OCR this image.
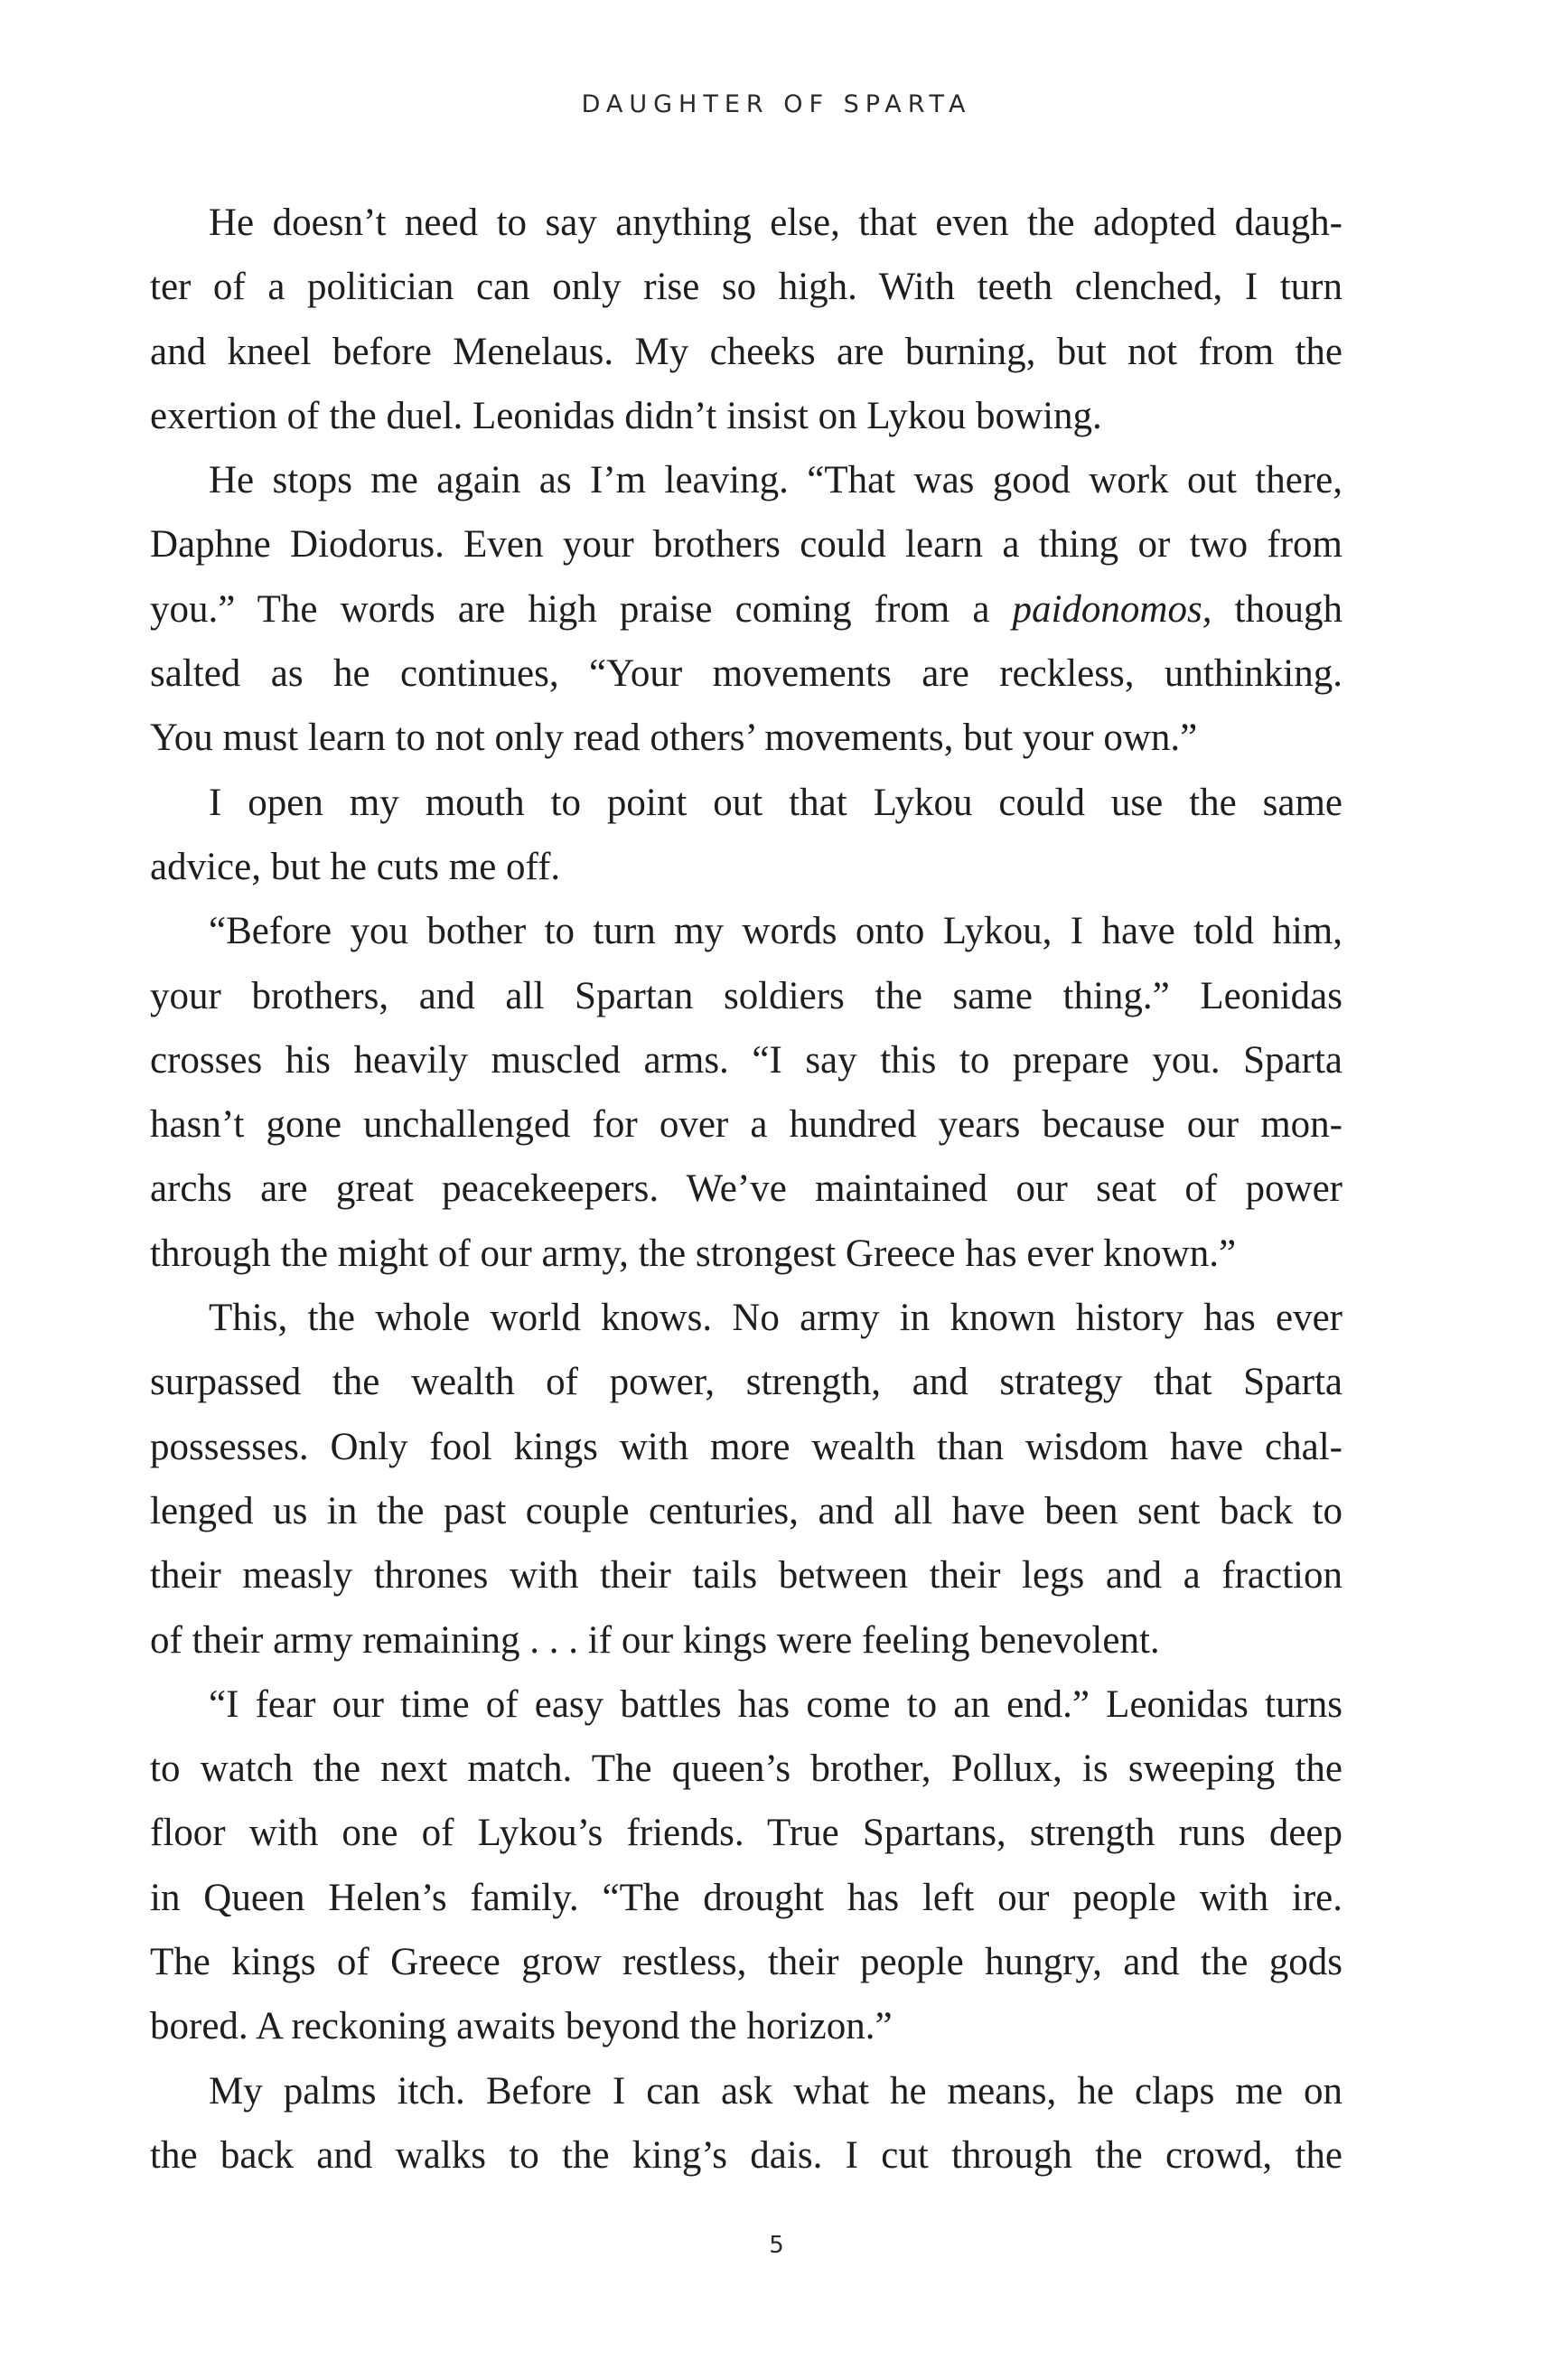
DAUGHTER OF SPARTA
He doesn’t need to say anything else, that even the adopted daugh-
ter of a politician can only rise so high. With teeth clenched, I turn
and kneel before Menelaus. My cheeks are burning, but not from the
exertion of the duel. Leonidas didn’t insist on Lykou bowing.
He stops me again as I’m leaving. “That was good work out there,
Daphne Diodorus. Even your brothers could learn a thing or two from
you.” The words are high praise coming from a paidonomos, though
salted as he continues, “Your movements are reckless, unthinking.
You must learn to not only read others’ movements, but your own.”
I open my mouth to point out that Lykou could use the same
advice, but he cuts me off.
“Before you bother to turn my words onto Lykou, I have told him,
your brothers, and all Spartan soldiers the same thing.” Leonidas
crosses his heavily muscled arms. “I say this to prepare you. Sparta
hasn’t gone unchallenged for over a hundred years because our mon-
archs are great peacekeepers. We’ve maintained our seat of power
through the might of our army, the strongest Greece has ever known.”
This, the whole world knows. No army in known history has ever
surpassed the wealth of power, strength, and strategy that Sparta
possesses. Only fool kings with more wealth than wisdom have chal-
lenged us in the past couple centuries, and all have been sent back to
their measly thrones with their tails between their legs and a fraction
of their army remaining . . . if our kings were feeling benevolent.
“I fear our time of easy battles has come to an end.” Leonidas turns
to watch the next match. The queen’s brother, Pollux, is sweeping the
floor with one of Lykou’s friends. True Spartans, strength runs deep
in Queen Helen’s family. “The drought has left our people with ire.
The kings of Greece grow restless, their people hungry, and the gods
bored. A reckoning awaits beyond the horizon.”
My palms itch. Before I can ask what he means, he claps me on
the back and walks to the king’s dais. I cut through the crowd, the
5
